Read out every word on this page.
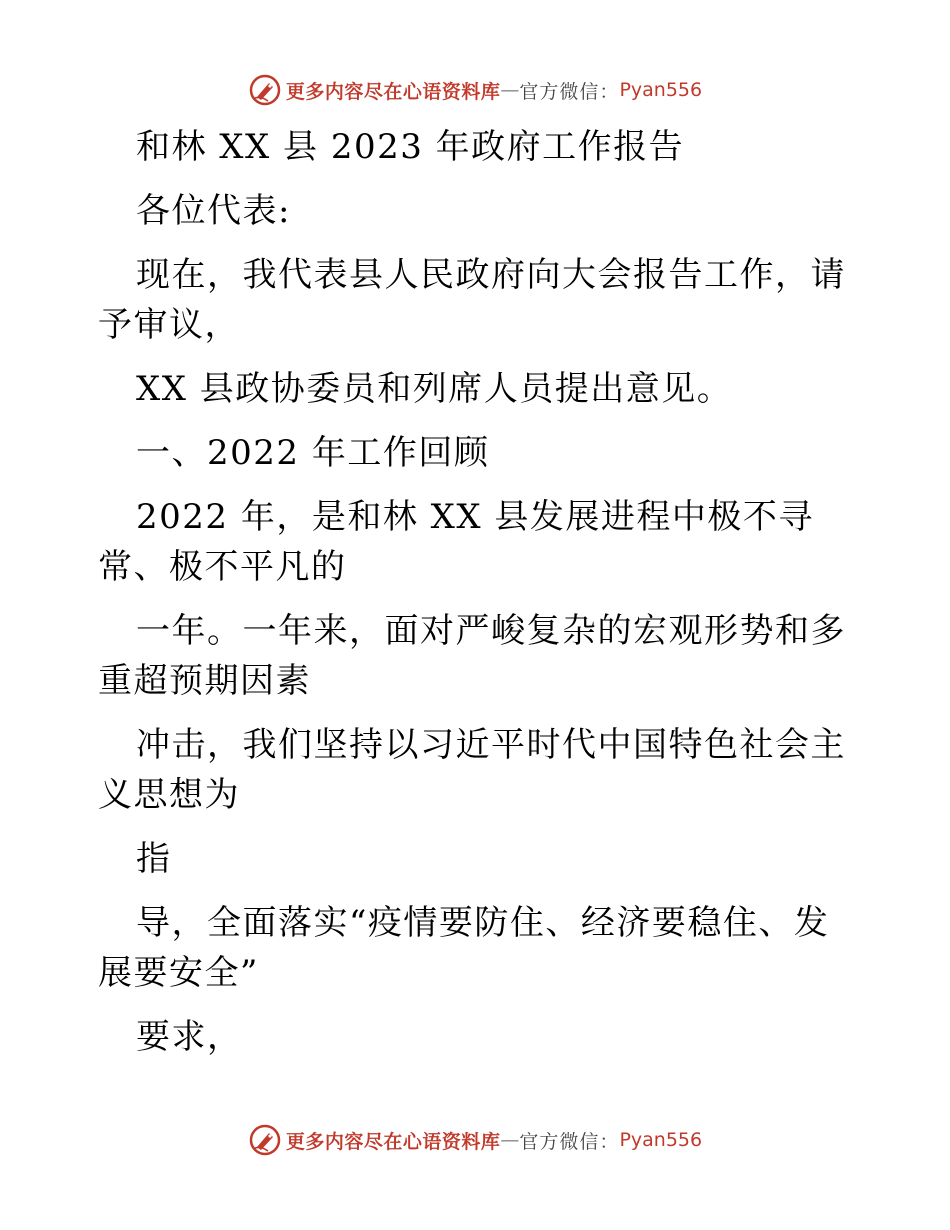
更多内容尽在心语资料库 — 官方微信： Pyan556

和林 XX 县 2023 年政府工作报告

各位代表:

现在，我代表县人民政府向大会报告工作，请予审议，

XX 县政协委员和列席人员提出意见。

一、2022 年工作回顾

2022 年，是和林 XX 县发展进程中极不寻常、极不平凡的

一年。一年来，面对严峻复杂的宏观形势和多重超预期因素

冲击，我们坚持以习近平时代中国特色社会主义思想为

指

导，全面落实“疫情要防住、经济要稳住、发展要安全”

要求，

更多内容尽在心语资料库 — 官方微信： Pyan556
